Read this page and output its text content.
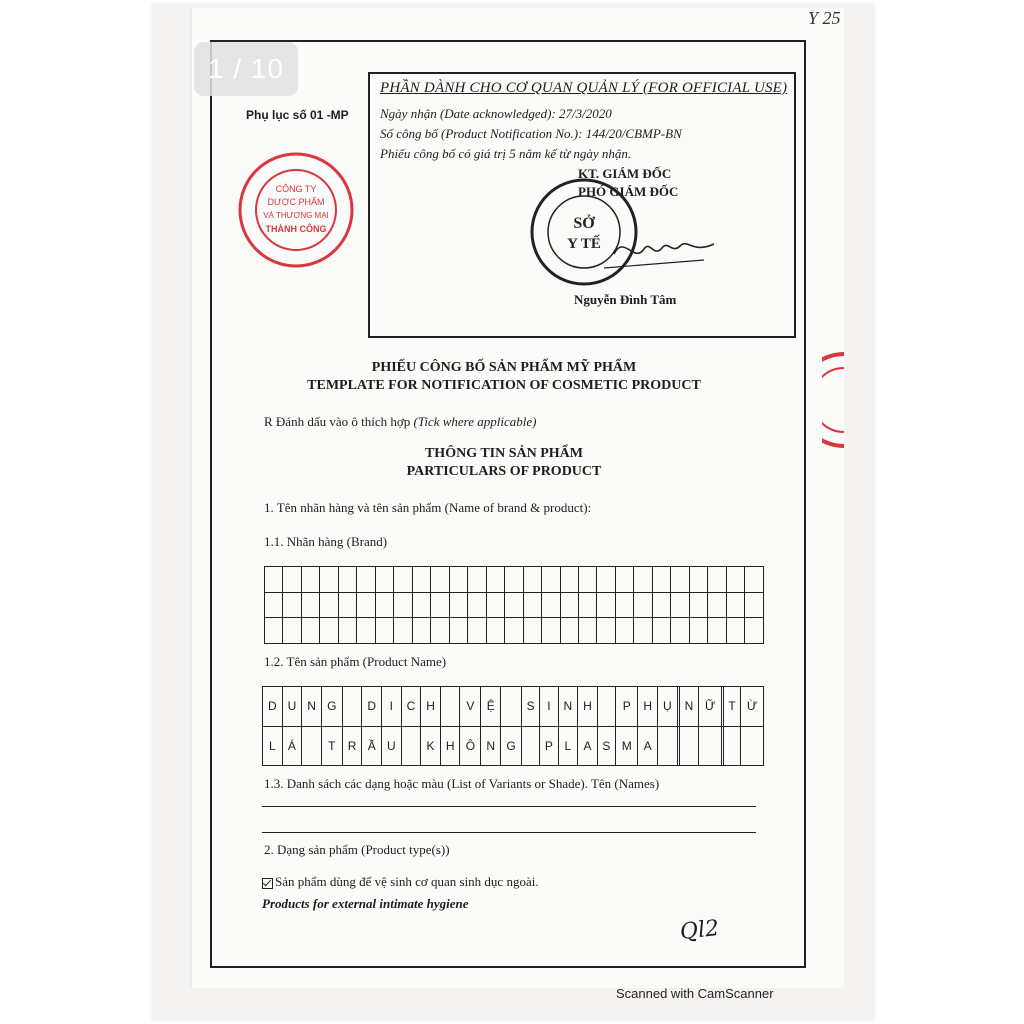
Y 25
1 / 10
Phụ lục số 01 -MP
CÔNG TY
DƯỢC PHẨM
VÀ THƯƠNG MẠI
THÀNH CÔNG
PHẦN DÀNH CHO CƠ QUAN QUẢN LÝ (FOR OFFICIAL USE)
Ngày nhận (Date acknowledged): 27/3/2020
Số công bố (Product Notification No.): 144/20/CBMP-BN
Phiếu công bố có giá trị 5 năm kể từ ngày nhận.
KT. GIÁM ĐỐC
PHÓ GIÁM ĐỐC
Nguyễn Đình Tâm
SỞ
Y TẾ
PHIẾU CÔNG BỐ SẢN PHẨM MỸ PHẨM
TEMPLATE FOR NOTIFICATION OF COSMETIC PRODUCT
R Đánh dấu vào ô thích hợp (Tick where applicable)
THÔNG TIN SẢN PHẨM
PARTICULARS OF PRODUCT
1. Tên nhãn hàng và tên sản phẩm (Name of brand & product):
1.1. Nhãn hàng (Brand)

1.2. Tên sản phẩm (Product Name)
D	U	N	G		D	I	C	H		V	Ệ		S	I	N	H		P	H	Ụ		N	Ữ		T	Ừ
L	Á		T	R	Ầ	U		K	H	Ô	N	G		P	L	A	S	M	A							
1.3. Danh sách các dạng hoặc màu (List of Variants or Shade). Tên (Names)
2. Dạng sản phẩm (Product type(s))
Sản phẩm dùng để vệ sinh cơ quan sinh dục ngoài.
Products for external intimate hygiene
Ql2
Scanned with CamScanner
